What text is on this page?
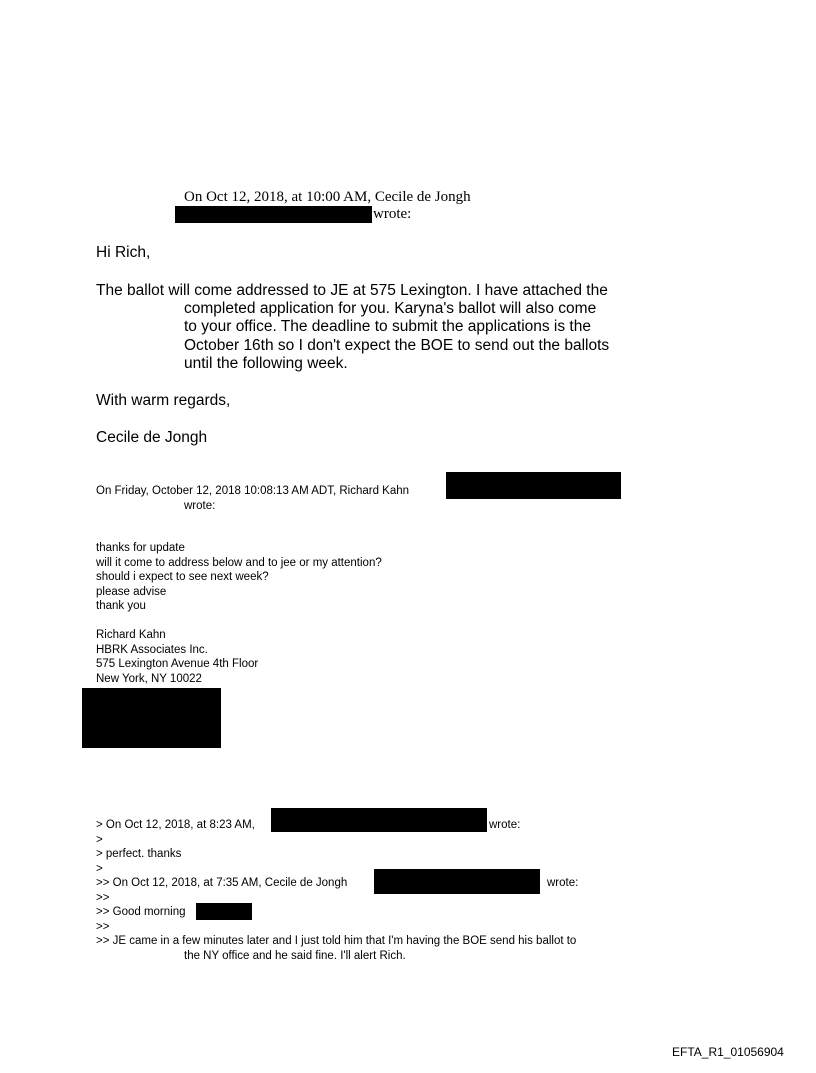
On Oct 12, 2018, at 10:00 AM, Cecile de Jongh
wrote:
Hi Rich,
The ballot will come addressed to JE at 575 Lexington. I have attached the
completed application for you. Karyna's ballot will also come
to your office. The deadline to submit the applications is the
October 16th so I don't expect the BOE to send out the ballots
until the following week.
With warm regards,
Cecile de Jongh
On Friday, October 12, 2018 10:08:13 AM ADT, Richard Kahn
wrote:
thanks for update
will it come to address below and to jee or my attention?
should i expect to see next week?
please advise
thank you
Richard Kahn
HBRK Associates Inc.
575 Lexington Avenue 4th Floor
New York, NY 10022
> On Oct 12, 2018, at 8:23 AM,	wrote:
>
> perfect. thanks
>
>> On Oct 12, 2018, at 7:35 AM, Cecile de Jongh	wrote:
>>
>> Good morning
>>
>> JE came in a few minutes later and I just told him that I'm having the BOE send his ballot to
the NY office and he said fine. I'll alert Rich.
EFTA_R1_01056904
